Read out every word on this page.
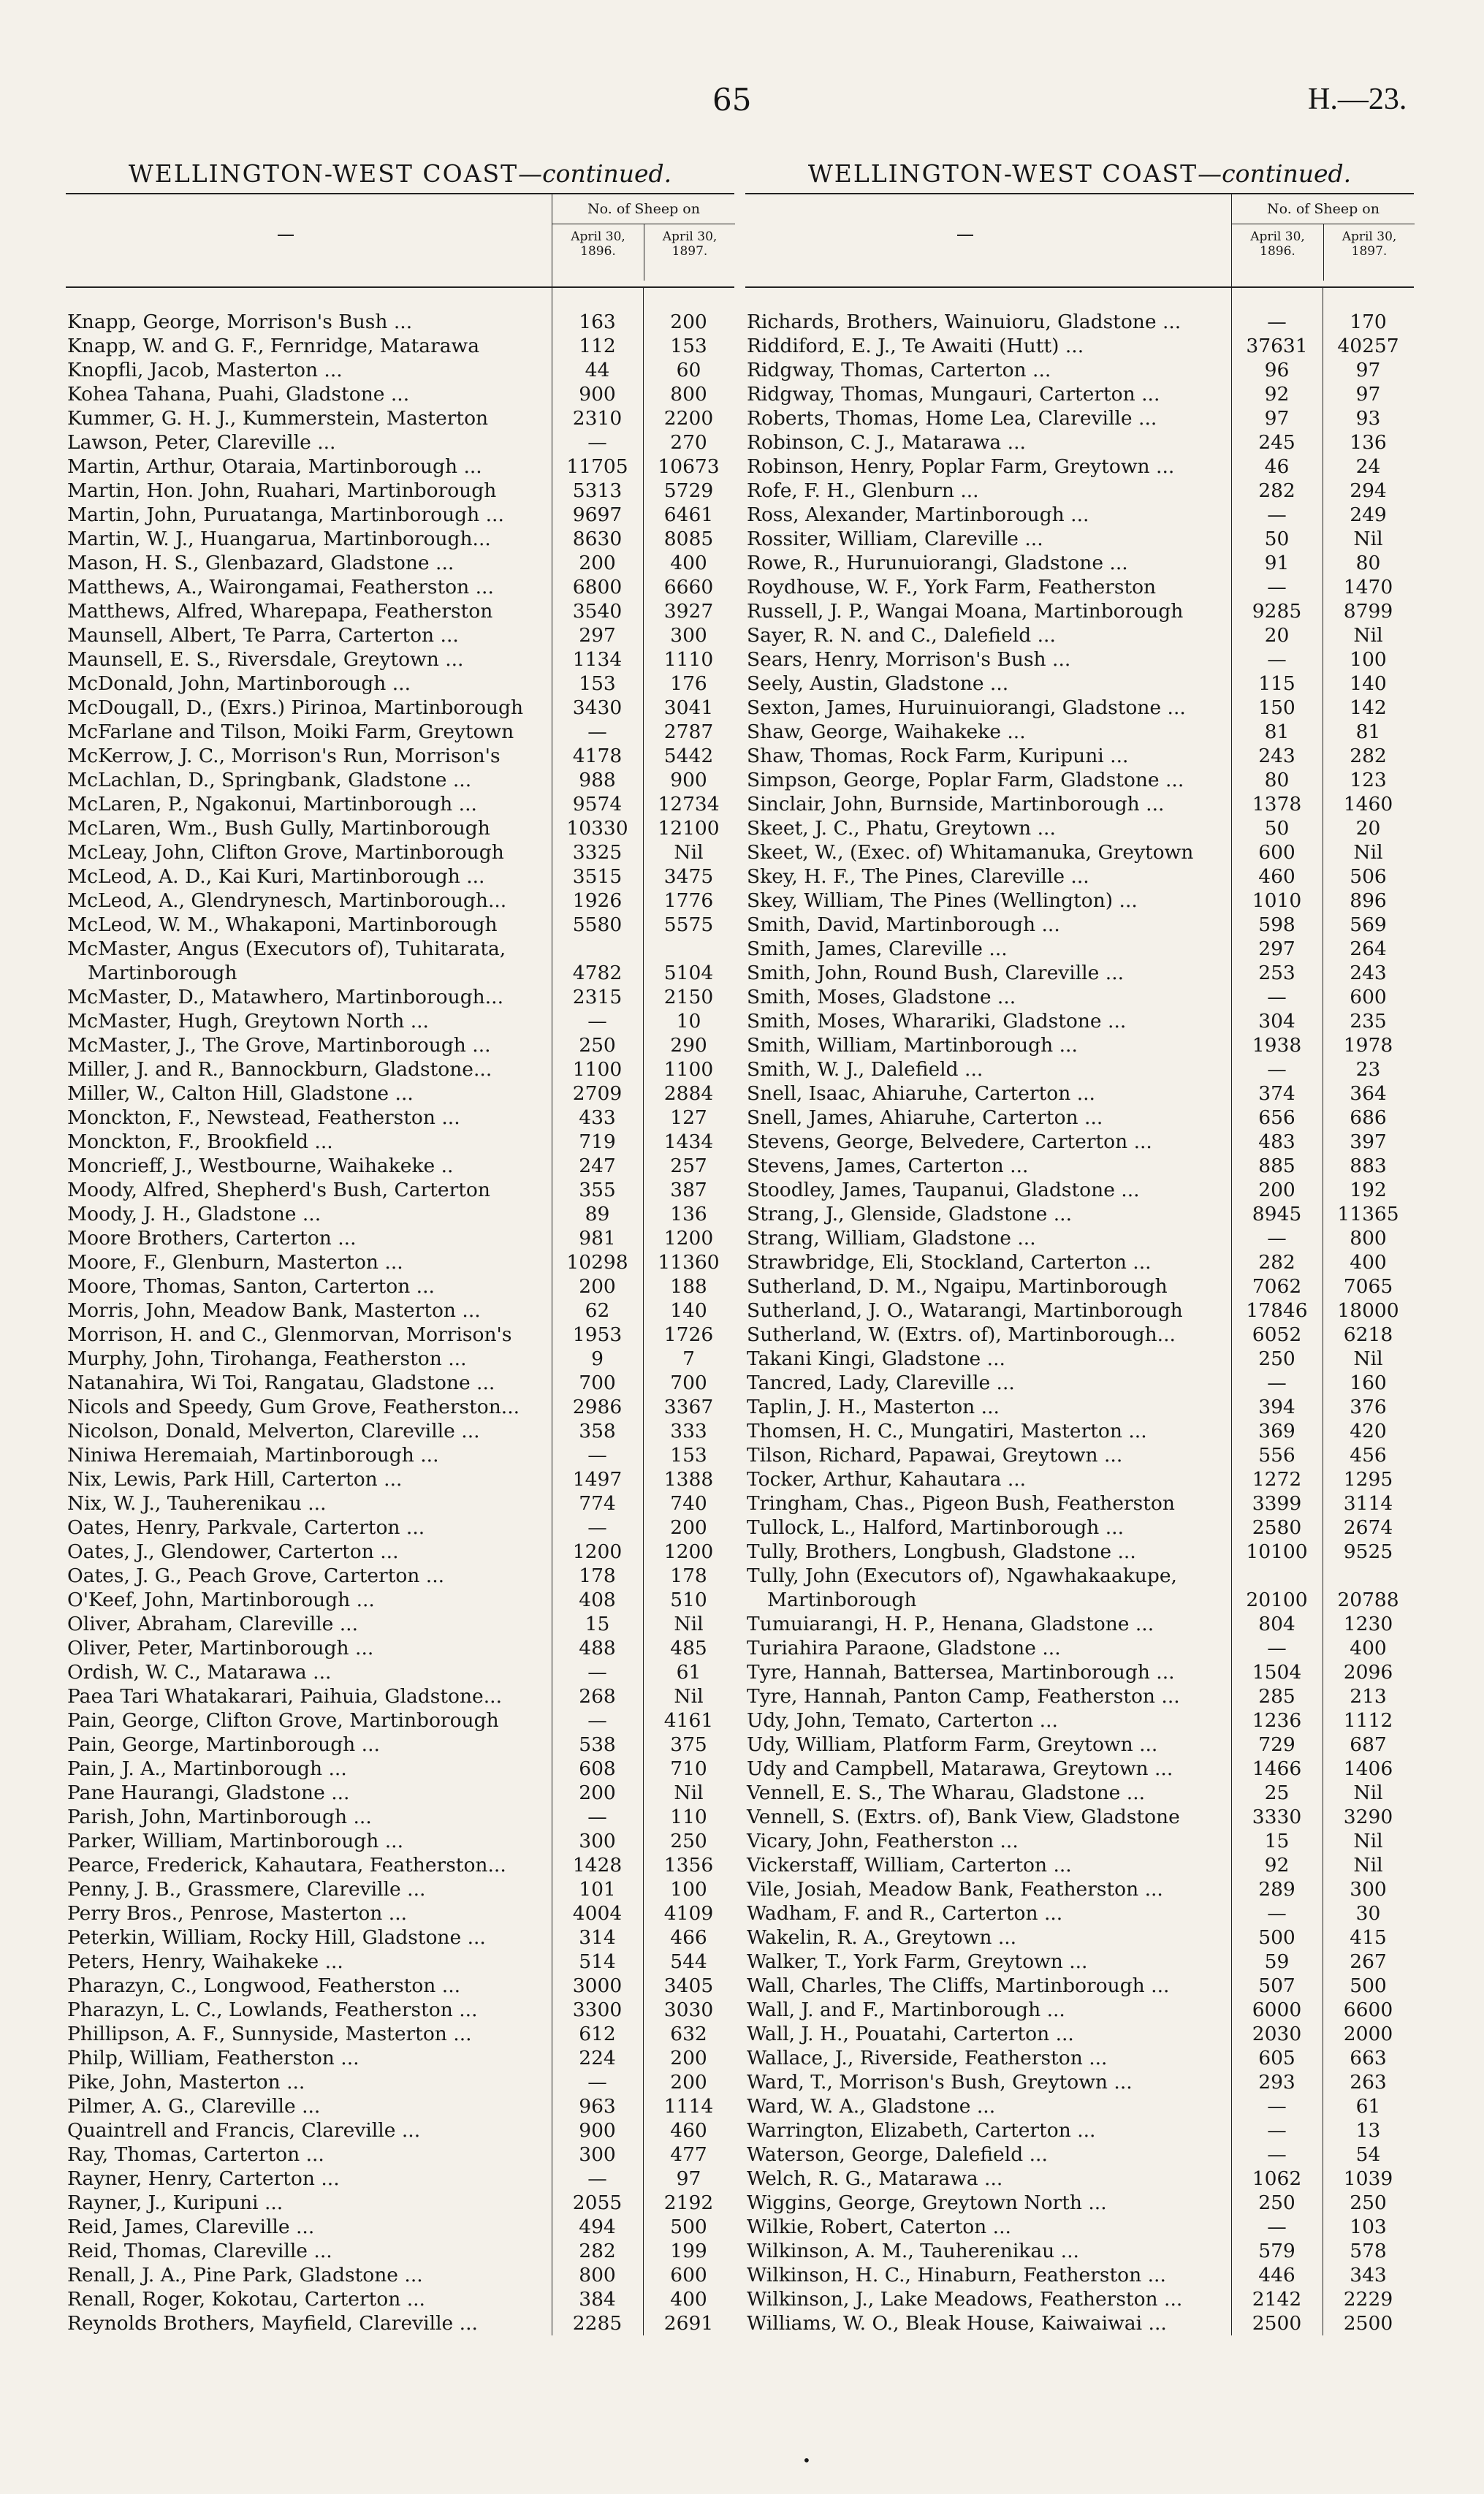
65	H.—23.
WELLINGTON-WEST COAST—continued.
No. of Sheep on
April 30, 1896.
April 30, 1897.
Knapp, George, Morrison's Bush ...	163	200
Knapp, W. and G. F., Fernridge, Matarawa	112	153
Knopfli, Jacob, Masterton ...	44	60
Kohea Tahana, Puahi, Gladstone ...	900	800
Kummer, G. H. J., Kummerstein, Masterton	2310	2200
Lawson, Peter, Clareville ...	—	270
Martin, Arthur, Otaraia, Martinborough ...	11705	10673
Martin, Hon. John, Ruahari, Martinborough	5313	5729
Martin, John, Puruatanga, Martinborough ...	9697	6461
Martin, W. J., Huangarua, Martinborough...	8630	8085
Mason, H. S., Glenbazard, Gladstone ...	200	400
Matthews, A., Wairongamai, Featherston ...	6800	6660
Matthews, Alfred, Wharepapa, Featherston	3540	3927
Maunsell, Albert, Te Parra, Carterton ...	297	300
Maunsell, E. S., Riversdale, Greytown ...	1134	1110
McDonald, John, Martinborough ...	153	176
McDougall, D., (Exrs.) Pirinoa, Martinborough	3430	3041
McFarlane and Tilson, Moiki Farm, Greytown	—	2787
McKerrow, J. C., Morrison's Run, Morrison's	4178	5442
McLachlan, D., Springbank, Gladstone ...	988	900
McLaren, P., Ngakonui, Martinborough ...	9574	12734
McLaren, Wm., Bush Gully, Martinborough	10330	12100
McLeay, John, Clifton Grove, Martinborough	3325	Nil
McLeod, A. D., Kai Kuri, Martinborough ...	3515	3475
McLeod, A., Glendrynesch, Martinborough...	1926	1776
McLeod, W. M., Whakaponi, Martinborough	5580	5575
McMaster, Angus (Executors of), Tuhitarata,
Martinborough	4782	5104
McMaster, D., Matawhero, Martinborough...	2315	2150
McMaster, Hugh, Greytown North ...	—	10
McMaster, J., The Grove, Martinborough ...	250	290
Miller, J. and R., Bannockburn, Gladstone...	1100	1100
Miller, W., Calton Hill, Gladstone ...	2709	2884
Monckton, F., Newstead, Featherston ...	433	127
Monckton, F., Brookfield ...	719	1434
Moncrieff, J., Westbourne, Waihakeke ..	247	257
Moody, Alfred, Shepherd's Bush, Carterton	355	387
Moody, J. H., Gladstone ...	89	136
Moore Brothers, Carterton ...	981	1200
Moore, F., Glenburn, Masterton ...	10298	11360
Moore, Thomas, Santon, Carterton ...	200	188
Morris, John, Meadow Bank, Masterton ...	62	140
Morrison, H. and C., Glenmorvan, Morrison's	1953	1726
Murphy, John, Tirohanga, Featherston ...	9	7
Natanahira, Wi Toi, Rangatau, Gladstone ...	700	700
Nicols and Speedy, Gum Grove, Featherston...	2986	3367
Nicolson, Donald, Melverton, Clareville ...	358	333
Niniwa Heremaiah, Martinborough ...	—	153
Nix, Lewis, Park Hill, Carterton ...	1497	1388
Nix, W. J., Tauherenikau ...	774	740
Oates, Henry, Parkvale, Carterton ...	—	200
Oates, J., Glendower, Carterton ...	1200	1200
Oates, J. G., Peach Grove, Carterton ...	178	178
O'Keef, John, Martinborough ...	408	510
Oliver, Abraham, Clareville ...	15	Nil
Oliver, Peter, Martinborough ...	488	485
Ordish, W. C., Matarawa ...	—	61
Paea Tari Whatakarari, Paihuia, Gladstone...	268	Nil
Pain, George, Clifton Grove, Martinborough	—	4161
Pain, George, Martinborough ...	538	375
Pain, J. A., Martinborough ...	608	710
Pane Haurangi, Gladstone ...	200	Nil
Parish, John, Martinborough ...	—	110
Parker, William, Martinborough ...	300	250
Pearce, Frederick, Kahautara, Featherston...	1428	1356
Penny, J. B., Grassmere, Clareville ...	101	100
Perry Bros., Penrose, Masterton ...	4004	4109
Peterkin, William, Rocky Hill, Gladstone ...	314	466
Peters, Henry, Waihakeke ...	514	544
Pharazyn, C., Longwood, Featherston ...	3000	3405
Pharazyn, L. C., Lowlands, Featherston ...	3300	3030
Phillipson, A. F., Sunnyside, Masterton ...	612	632
Philp, William, Featherston ...	224	200
Pike, John, Masterton ...	—	200
Pilmer, A. G., Clareville ...	963	1114
Quaintrell and Francis, Clareville ...	900	460
Ray, Thomas, Carterton ...	300	477
Rayner, Henry, Carterton ...	—	97
Rayner, J., Kuripuni ...	2055	2192
Reid, James, Clareville ...	494	500
Reid, Thomas, Clareville ...	282	199
Renall, J. A., Pine Park, Gladstone ...	800	600
Renall, Roger, Kokotau, Carterton ...	384	400
Reynolds Brothers, Mayfield, Clareville ...	2285	2691
WELLINGTON-WEST COAST—continued.
No. of Sheep on
April 30, 1896.
April 30, 1897.
Richards, Brothers, Wainuioru, Gladstone ...	—	170
Riddiford, E. J., Te Awaiti (Hutt) ...	37631	40257
Ridgway, Thomas, Carterton ...	96	97
Ridgway, Thomas, Mungauri, Carterton ...	92	97
Roberts, Thomas, Home Lea, Clareville ...	97	93
Robinson, C. J., Matarawa ...	245	136
Robinson, Henry, Poplar Farm, Greytown ...	46	24
Rofe, F. H., Glenburn ...	282	294
Ross, Alexander, Martinborough ...	—	249
Rossiter, William, Clareville ...	50	Nil
Rowe, R., Hurunuiorangi, Gladstone ...	91	80
Roydhouse, W. F., York Farm, Featherston	—	1470
Russell, J. P., Wangai Moana, Martinborough	9285	8799
Sayer, R. N. and C., Dalefield ...	20	Nil
Sears, Henry, Morrison's Bush ...	—	100
Seely, Austin, Gladstone ...	115	140
Sexton, James, Huruinuiorangi, Gladstone ...	150	142
Shaw, George, Waihakeke ...	81	81
Shaw, Thomas, Rock Farm, Kuripuni ...	243	282
Simpson, George, Poplar Farm, Gladstone ...	80	123
Sinclair, John, Burnside, Martinborough ...	1378	1460
Skeet, J. C., Phatu, Greytown ...	50	20
Skeet, W., (Exec. of) Whitamanuka, Greytown	600	Nil
Skey, H. F., The Pines, Clareville ...	460	506
Skey, William, The Pines (Wellington) ...	1010	896
Smith, David, Martinborough ...	598	569
Smith, James, Clareville ...	297	264
Smith, John, Round Bush, Clareville ...	253	243
Smith, Moses, Gladstone ...	—	600
Smith, Moses, Wharariki, Gladstone ...	304	235
Smith, William, Martinborough ...	1938	1978
Smith, W. J., Dalefield ...	—	23
Snell, Isaac, Ahiaruhe, Carterton ...	374	364
Snell, James, Ahiaruhe, Carterton ...	656	686
Stevens, George, Belvedere, Carterton ...	483	397
Stevens, James, Carterton ...	885	883
Stoodley, James, Taupanui, Gladstone ...	200	192
Strang, J., Glenside, Gladstone ...	8945	11365
Strang, William, Gladstone ...	—	800
Strawbridge, Eli, Stockland, Carterton ...	282	400
Sutherland, D. M., Ngaipu, Martinborough	7062	7065
Sutherland, J. O., Watarangi, Martinborough	17846	18000
Sutherland, W. (Extrs. of), Martinborough...	6052	6218
Takani Kingi, Gladstone ...	250	Nil
Tancred, Lady, Clareville ...	—	160
Taplin, J. H., Masterton ...	394	376
Thomsen, H. C., Mungatiri, Masterton ...	369	420
Tilson, Richard, Papawai, Greytown ...	556	456
Tocker, Arthur, Kahautara ...	1272	1295
Tringham, Chas., Pigeon Bush, Featherston	3399	3114
Tullock, L., Halford, Martinborough ...	2580	2674
Tully, Brothers, Longbush, Gladstone ...	10100	9525
Tully, John (Executors of), Ngawhakaakupe,
Martinborough	20100	20788
Tumuiarangi, H. P., Henana, Gladstone ...	804	1230
Turiahira Paraone, Gladstone ...	—	400
Tyre, Hannah, Battersea, Martinborough ...	1504	2096
Tyre, Hannah, Panton Camp, Featherston ...	285	213
Udy, John, Temato, Carterton ...	1236	1112
Udy, William, Platform Farm, Greytown ...	729	687
Udy and Campbell, Matarawa, Greytown ...	1466	1406
Vennell, E. S., The Wharau, Gladstone ...	25	Nil
Vennell, S. (Extrs. of), Bank View, Gladstone	3330	3290
Vicary, John, Featherston ...	15	Nil
Vickerstaff, William, Carterton ...	92	Nil
Vile, Josiah, Meadow Bank, Featherston ...	289	300
Wadham, F. and R., Carterton ...	—	30
Wakelin, R. A., Greytown ...	500	415
Walker, T., York Farm, Greytown ...	59	267
Wall, Charles, The Cliffs, Martinborough ...	507	500
Wall, J. and F., Martinborough ...	6000	6600
Wall, J. H., Pouatahi, Carterton ...	2030	2000
Wallace, J., Riverside, Featherston ...	605	663
Ward, T., Morrison's Bush, Greytown ...	293	263
Ward, W. A., Gladstone ...	—	61
Warrington, Elizabeth, Carterton ...	—	13
Waterson, George, Dalefield ...	—	54
Welch, R. G., Matarawa ...	1062	1039
Wiggins, George, Greytown North ...	250	250
Wilkie, Robert, Caterton ...	—	103
Wilkinson, A. M., Tauherenikau ...	579	578
Wilkinson, H. C., Hinaburn, Featherston ...	446	343
Wilkinson, J., Lake Meadows, Featherston ...	2142	2229
Williams, W. O., Bleak House, Kaiwaiwai ...	2500	2500
•
